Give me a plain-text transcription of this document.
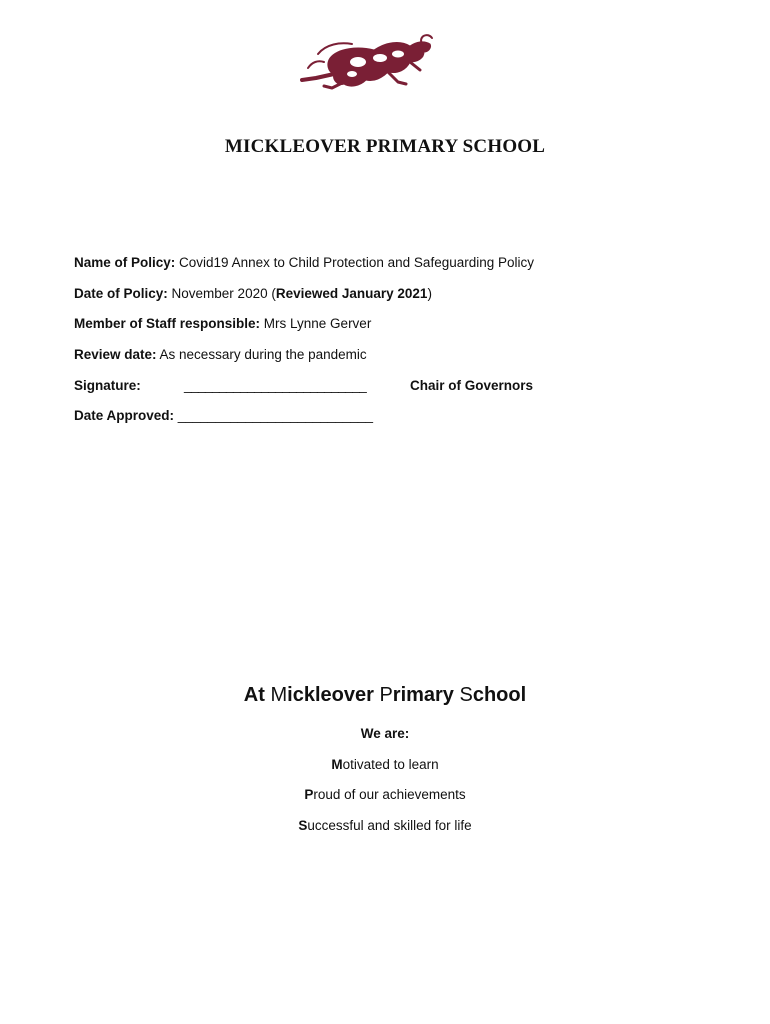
MICKLEOVER PRIMARY SCHOOL
Name of Policy: Covid19 Annex to Child Protection and Safeguarding Policy
Date of Policy: November 2020 (Reviewed January 2021)
Member of Staff responsible: Mrs Lynne Gerver
Review date: As necessary during the pandemic
Signature:	__________________________	Chair of Governors
Date Approved: __________________________
At Mickleover Primary School
We are:
Motivated to learn
Proud of our achievements
Successful and skilled for life
